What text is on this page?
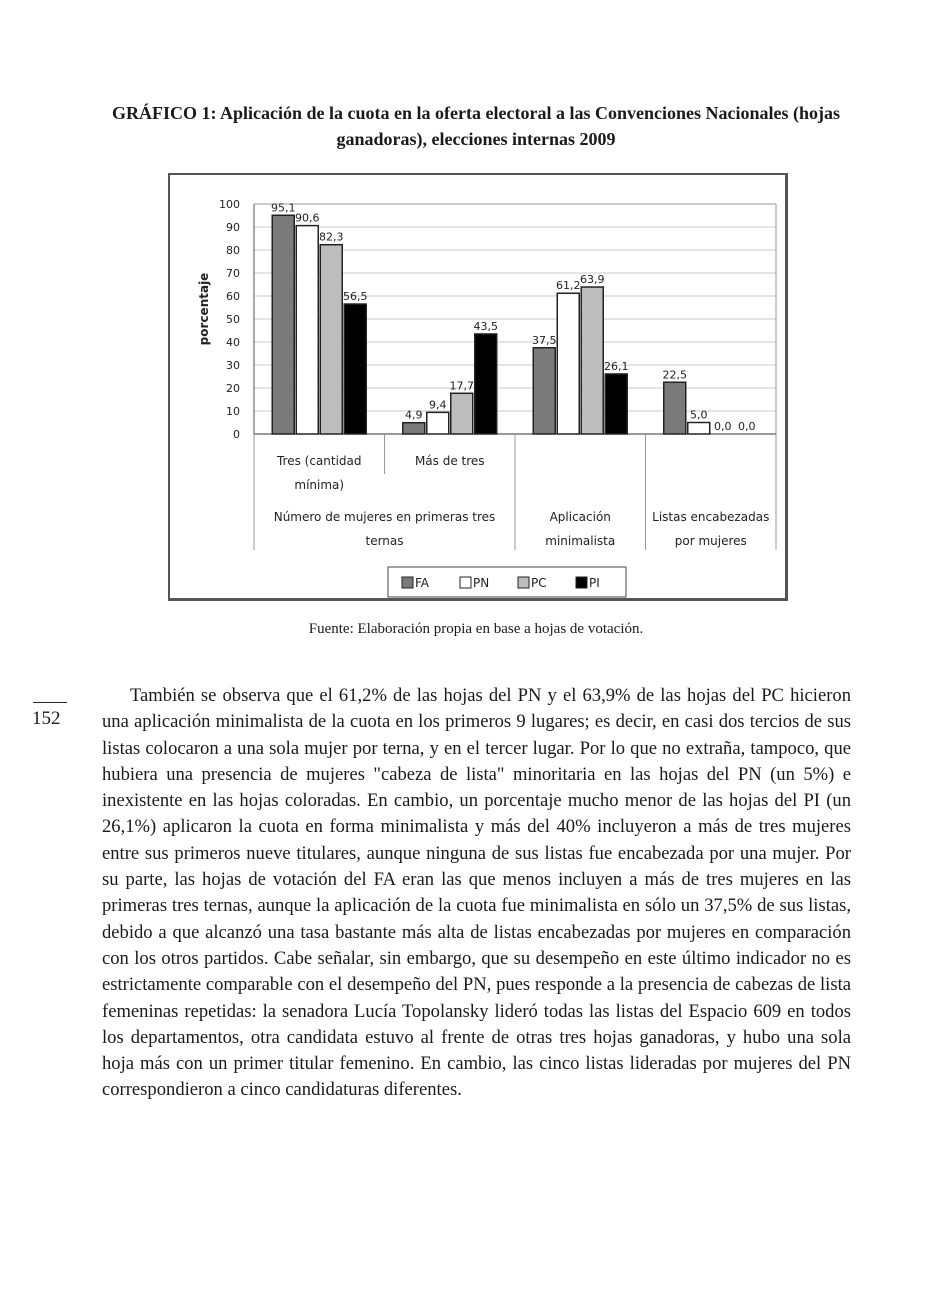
GRÁFICO 1: Aplicación de la cuota en la oferta electoral a las Convenciones Nacionales (hojas ganadoras), elecciones internas 2009
0
10
20
30
40
50
60
70
80
90
100
porcentaje
95,1
90,6
82,3
56,5
4,9
9,4
17,7
43,5
37,5
61,2 63,9
26,1
22,5
5,0
0,0 0,0
Tres (cantidad
mínima)
Más de tres
Aplicación
minimalista
Listas encabezadas
por mujeres
Número de mujeres en primeras tres
ternas
FA	PN	PC	PI
Fuente: Elaboración propia en base a hojas de votación.
152

También se observa que el 61,2% de las hojas del PN y el 63,9% de las hojas del PC hicieron una aplicación minimalista de la cuota en los primeros 9 lugares; es decir, en casi dos tercios de sus listas colocaron a una sola mujer por terna, y en el tercer lugar. Por lo que no extraña, tampoco, que hubiera una presencia de mujeres "cabeza de lista" minoritaria en las hojas del PN (un 5%) e inexistente en las hojas coloradas. En cambio, un porcentaje mucho menor de las hojas del PI (un 26,1%) aplicaron la cuota en forma minimalista y más del 40% incluyeron a más de tres mujeres entre sus primeros nueve titulares, aunque ninguna de sus listas fue encabezada por una mujer. Por su parte, las hojas de votación del FA eran las que menos incluyen a más de tres mujeres en las primeras tres ternas, aunque la aplicación de la cuota fue minimalista en sólo un 37,5% de sus listas, debido a que alcanzó una tasa bastante más alta de listas encabezadas por mujeres en comparación con los otros partidos. Cabe señalar, sin embargo, que su desempeño en este último indicador no es estrictamente comparable con el desempeño del PN, pues responde a la presencia de cabezas de lista femeninas repetidas: la senadora Lucía Topolansky lideró todas las listas del Espacio 609 en todos los departamentos, otra candidata estuvo al frente de otras tres hojas ganadoras, y hubo una sola hoja más con un primer titular femenino. En cambio, las cinco listas lideradas por mujeres del PN correspondieron a cinco candidaturas diferentes.
